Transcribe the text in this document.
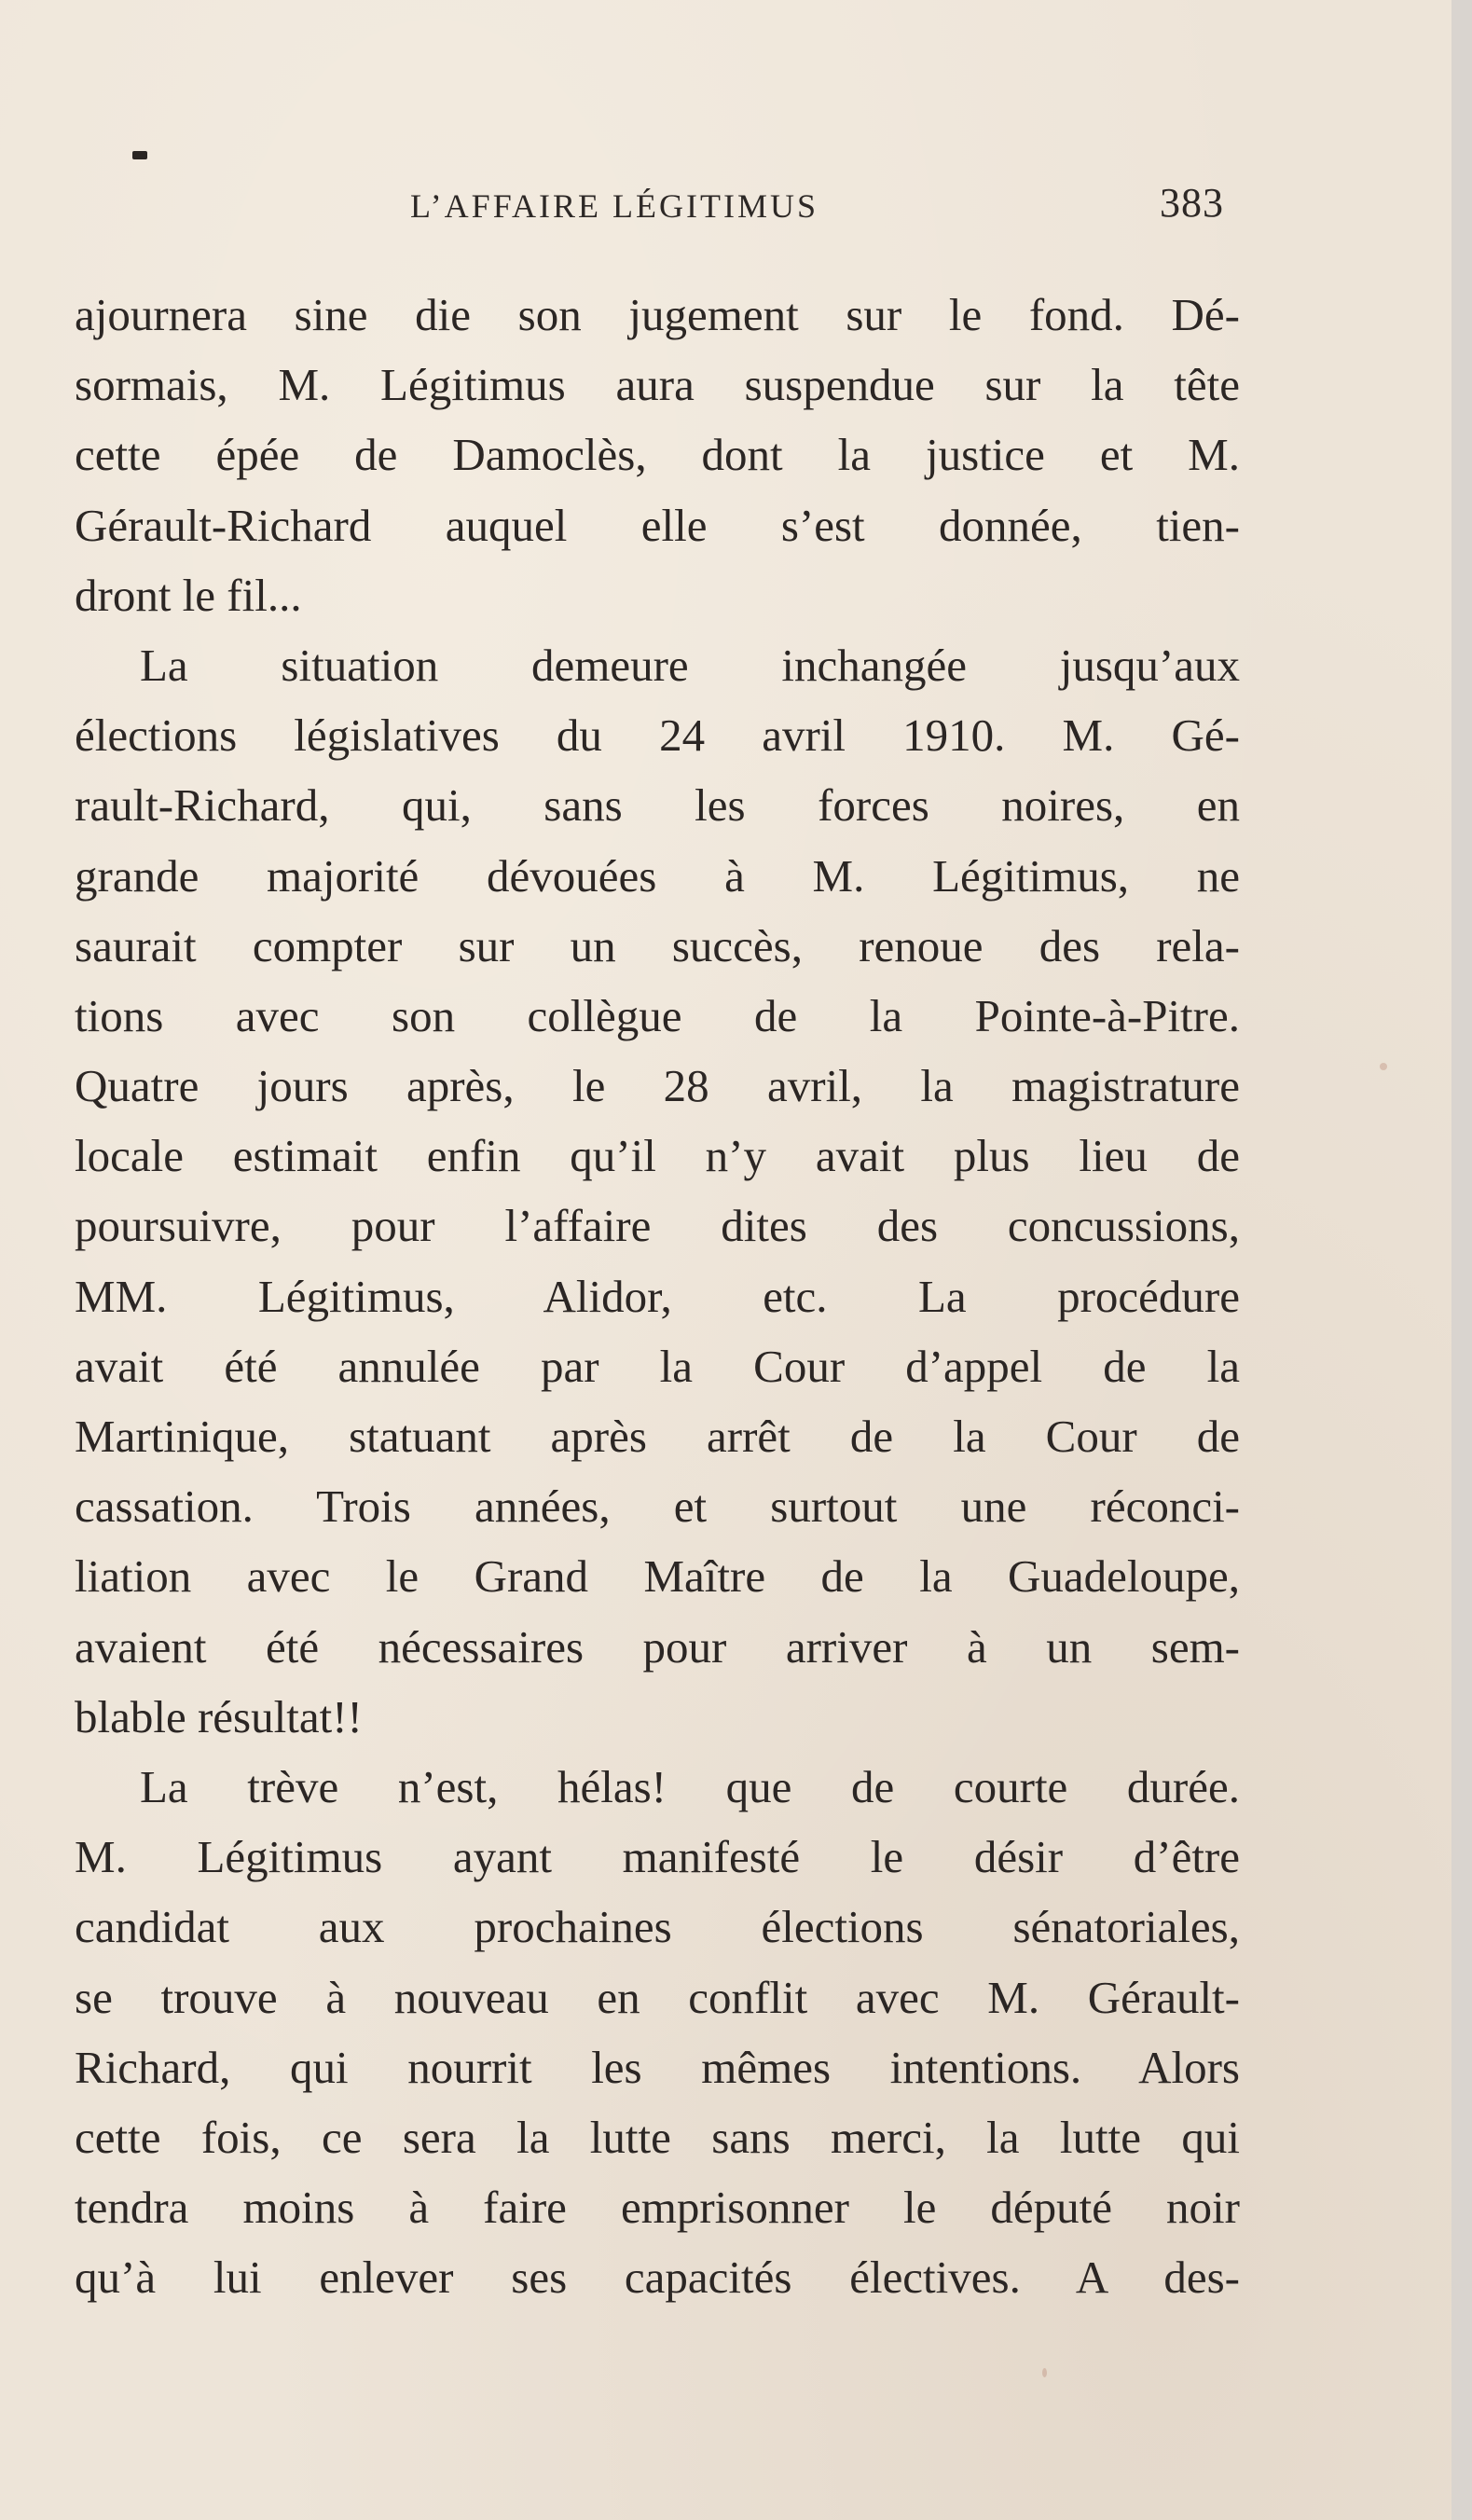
L’AFFAIRE LÉGITIMUS	383
ajournera sine die son jugement sur le fond. Dé-
sormais, M. Légitimus aura suspendue sur la tête
cette épée de Damoclès, dont la justice et M.
Gérault-Richard auquel elle s’est donnée, tien-
dront le fil...
La situation demeure inchangée jusqu’aux
élections législatives du 24 avril 1910. M. Gé-
rault-Richard, qui, sans les forces noires, en
grande majorité dévouées à M. Légitimus, ne
saurait compter sur un succès, renoue des rela-
tions avec son collègue de la Pointe-à-Pitre.
Quatre jours après, le 28 avril, la magistrature
locale estimait enfin qu’il n’y avait plus lieu de
poursuivre, pour l’affaire dites des concussions,
MM. Légitimus, Alidor, etc. La procédure
avait été annulée par la Cour d’appel de la
Martinique, statuant après arrêt de la Cour de
cassation. Trois années, et surtout une réconci-
liation avec le Grand Maître de la Guadeloupe,
avaient été nécessaires pour arriver à un sem-
blable résultat!!
La trève n’est, hélas! que de courte durée.
M. Légitimus ayant manifesté le désir d’être
candidat aux prochaines élections sénatoriales,
se trouve à nouveau en conflit avec M. Gérault-
Richard, qui nourrit les mêmes intentions. Alors
cette fois, ce sera la lutte sans merci, la lutte qui
tendra moins à faire emprisonner le député noir
qu’à lui enlever ses capacités électives. A des-
